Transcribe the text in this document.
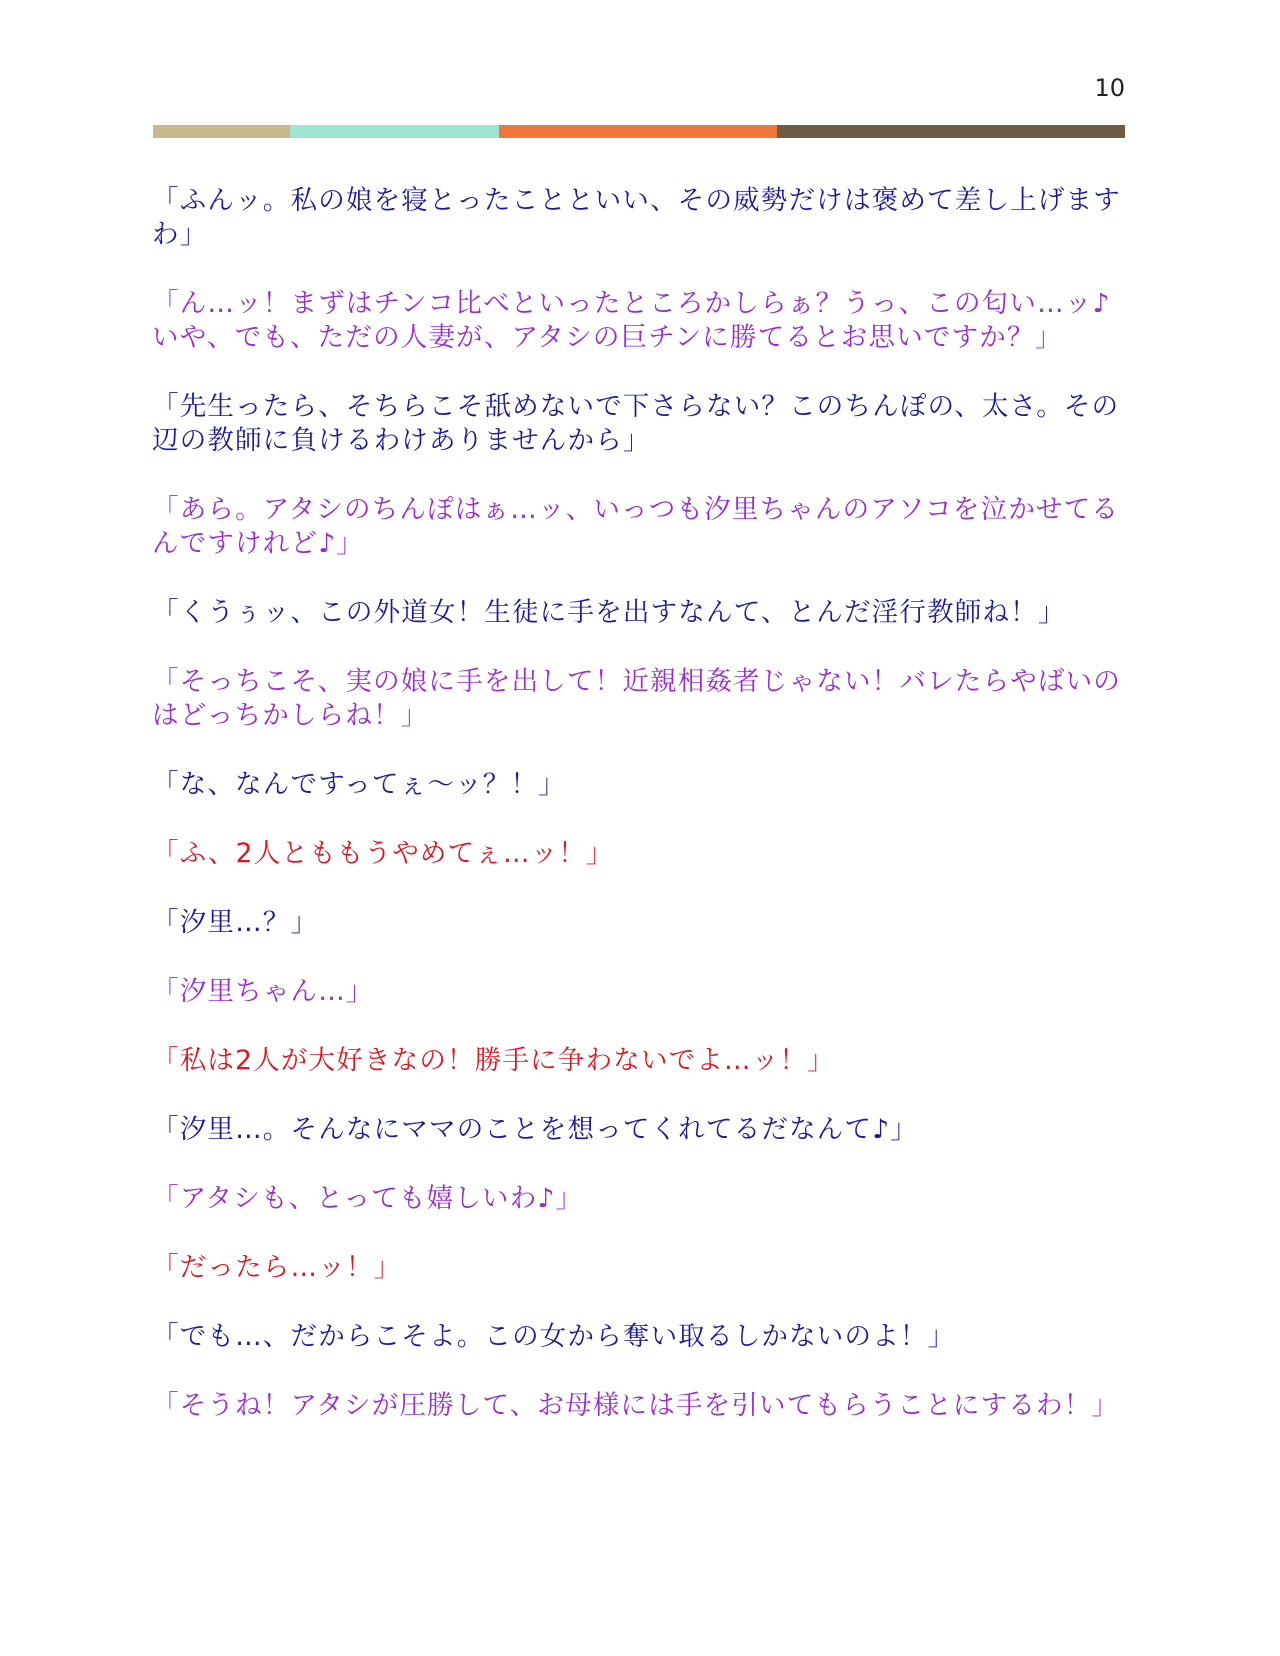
10

「ふんッ。私の娘を寝とったことといい、その威勢だけは褒めて差し上げますわ」

「ん…ッ！まずはチンコ比べといったところかしらぁ？うっ、この匂い…ッ♪いや、でも、ただの人妻が、アタシの巨チンに勝てるとお思いですか？」

「先生ったら、そちらこそ舐めないで下さらない？このちんぽの、太さ。その辺の教師に負けるわけありませんから」

「あら。アタシのちんぽはぁ…ッ、いっつも汐里ちゃんのアソコを泣かせてるんですけれど♪」

「くうぅッ、この外道女！生徒に手を出すなんて、とんだ淫行教師ね！」

「そっちこそ、実の娘に手を出して！近親相姦者じゃない！バレたらやばいのはどっちかしらね！」

「な、なんですってぇ〜ッ？！」

「ふ、2人とももうやめてぇ…ッ！」

「汐里…？」

「汐里ちゃん…」

「私は2人が大好きなの！勝手に争わないでよ…ッ！」

「汐里…。そんなにママのことを想ってくれてるだなんて♪」

「アタシも、とっても嬉しいわ♪」

「だったら…ッ！」

「でも…、だからこそよ。この女から奪い取るしかないのよ！」

「そうね！アタシが圧勝して、お母様には手を引いてもらうことにするわ！」
